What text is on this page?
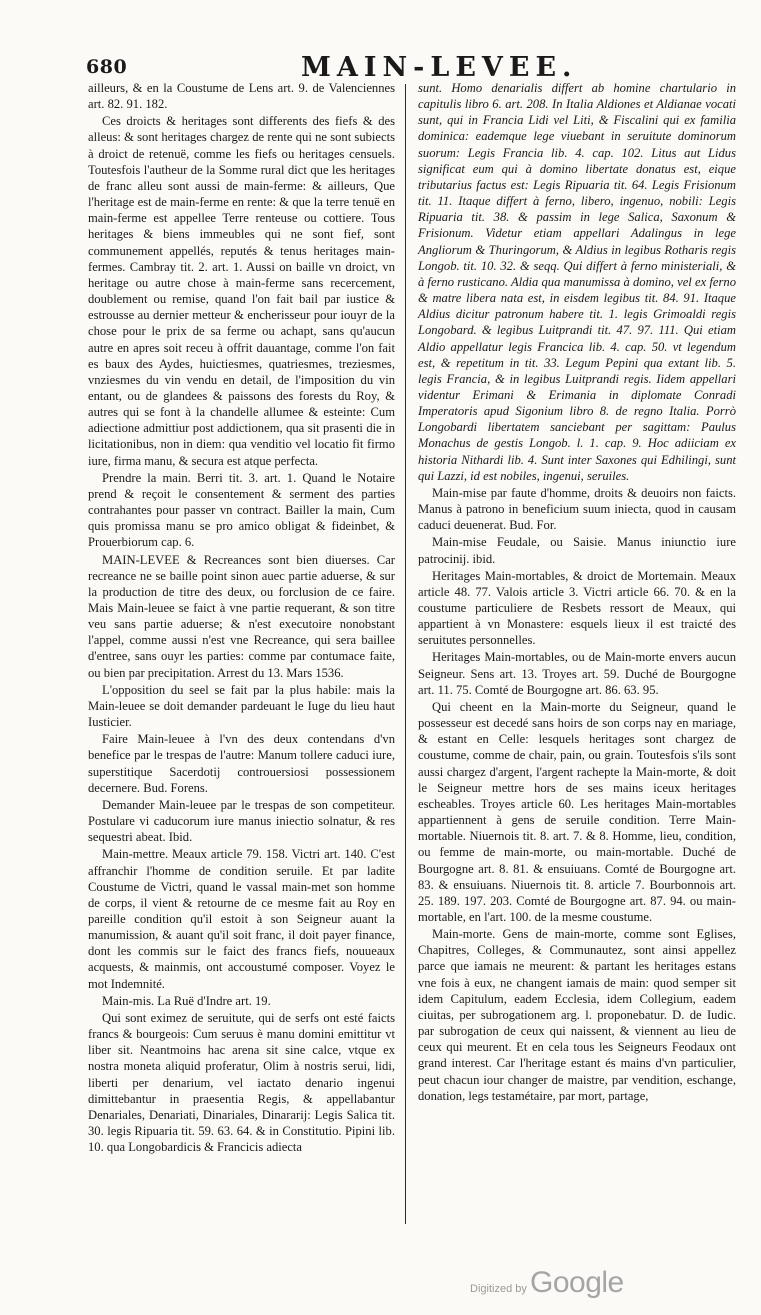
680	MAIN-LEVEE.

ailleurs, & en la Coustume de Lens art. 9. de Valenciennes art. 82. 91. 182.

Ces droicts & heritages sont differents des fiefs & des alleus: & sont heritages chargez de rente qui ne sont subiects à droict de retenuë, comme les fiefs ou heritages censuels. Toutesfois l'autheur de la Somme rural dict que les heritages de franc alleu sont aussi de main-ferme: & ailleurs, Que l'heritage est de main-ferme en rente: & que la terre tenuë en main-ferme est appellee Terre renteuse ou cottiere. Tous heritages & biens immeubles qui ne sont fief, sont communement appellés, reputés & tenus heritages main-fermes. Cambray tit. 2. art. 1. Aussi on baille vn droict, vn heritage ou autre chose à main-ferme sans recercement, doublement ou remise, quand l'on fait bail par iustice & estrousse au dernier metteur & encherisseur pour iouyr de la chose pour le prix de sa ferme ou achapt, sans qu'aucun autre en apres soit receu à offrit dauantage, comme l'on fait es baux des Aydes, huictiesmes, quatriesmes, treziesmes, vnziesmes du vin vendu en detail, de l'imposition du vin entant, ou de glandees & paissons des forests du Roy, & autres qui se font à la chandelle allumee & esteinte: Cum adiectione admittiur post addictionem, qua sit prasenti die in licitationibus, non in diem: qua venditio vel locatio fit firmo iure, firma manu, & secura est atque perfecta.

Prendre la main. Berri tit. 3. art. 1. Quand le Notaire prend & reçoit le consentement & serment des parties contrahantes pour passer vn contract. Bailler la main, Cum quis promissa manu se pro amico obligat & fideinbet, & Prouerbiorum cap. 6.

MAIN-LEVEE & Recreances sont bien diuerses. Car recreance ne se baille point sinon auec partie aduerse, & sur la production de titre des deux, ou forclusion de ce faire. Mais Main-leuee se faict à vne partie requerant, & son titre veu sans partie aduerse; & n'est executoire nonobstant l'appel, comme aussi n'est vne Recreance, qui sera baillee d'entree, sans ouyr les parties: comme par contumace faite, ou bien par precipitation. Arrest du 13. Mars 1536.

L'opposition du seel se fait par la plus habile: mais la Main-leuee se doit demander pardeuant le Iuge du lieu haut Iusticier.

Faire Main-leuee à l'vn des deux contendans d'vn benefice par le trespas de l'autre: Manum tollere caduci iure, superstitique Sacerdotij controuersiosi possessionem decernere. Bud. Forens.

Demander Main-leuee par le trespas de son competiteur. Postulare vi caducorum iure manus iniectio solnatur, & res sequestri abeat. Ibid.

Main-mettre. Meaux article 79. 158. Victri art. 140. C'est affranchir l'homme de condition seruile. Et par ladite Coustume de Victri, quand le vassal main-met son homme de corps, il vient & retourne de ce mesme fait au Roy en pareille condition qu'il estoit à son Seigneur auant la manumission, & auant qu'il soit franc, il doit payer finance, dont les commis sur le faict des francs fiefs, nouueaux acquests, & mainmis, ont accoustumé composer. Voyez le mot Indemnité.

Main-mis. La Ruë d'Indre art. 19.

Qui sont eximez de seruitute, qui de serfs ont esté faicts francs & bourgeois: Cum seruus è manu domini emittitur vt liber sit. Neantmoins hac arena sit sine calce, vtque ex nostra moneta aliquid proferatur, Olim à nostris serui, lidi, liberti per denarium, vel iactato denario ingenui dimittebantur in praesentia Regis, & appellabantur Denariales, Denariati, Dinariales, Dinararij: Legis Salica tit. 30. legis Ripuaria tit. 59. 63. 64. & in Constitutio. Pipini lib. 10. qua Longobardicis & Francicis adiecta

sunt. Homo denarialis differt ab homine chartulario in capitulis libro 6. art. 208. In Italia Aldiones et Aldianae vocati sunt, qui in Francia Lidi vel Liti, & Fiscalini qui ex familia dominica: eademque lege viuebant in seruitute dominorum suorum: Legis Francia lib. 4. cap. 102. Litus aut Lidus significat eum qui à domino libertate donatus est, eique tributarius factus est: Legis Ripuaria tit. 64. Legis Frisionum tit. 11. Itaque differt à ferno, libero, ingenuo, nobili: Legis Ripuaria tit. 38. & passim in lege Salica, Saxonum & Frisionum. Videtur etiam appellari Adalingus in lege Angliorum & Thuringorum, & Aldius in legibus Rotharis regis Longob. tit. 10. 32. & seqq. Qui differt à ferno ministeriali, & à ferno rusticano. Aldia qua manumissa à domino, vel ex ferno & matre libera nata est, in eisdem legibus tit. 84. 91. Itaque Aldius dicitur patronum habere tit. 1. legis Grimoaldi regis Longobard. & legibus Luitprandi tit. 47. 97. 111. Qui etiam Aldio appellatur legis Francica lib. 4. cap. 50. vt legendum est, & repetitum in tit. 33. Legum Pepini qua extant lib. 5. legis Francia, & in legibus Luitprandi regis. Iidem appellari videntur Erimani & Erimania in diplomate Conradi Imperatoris apud Sigonium libro 8. de regno Italia. Porrò Longobardi libertatem sanciebant per sagittam: Paulus Monachus de gestis Longob. l. 1. cap. 9. Hoc adiiciam ex historia Nithardi lib. 4. Sunt inter Saxones qui Edhilingi, sunt qui Lazzi, id est nobiles, ingenui, seruiles.

Main-mise par faute d'homme, droits & deuoirs non faicts. Manus à patrono in beneficium suum iniecta, quod in causam caduci deuenerat. Bud. For.

Main-mise Feudale, ou Saisie. Manus iniunctio iure patrocinij. ibid.

Heritages Main-mortables, & droict de Mortemain. Meaux article 48. 77. Valois article 3. Victri article 66. 70. & en la coustume particuliere de Resbets ressort de Meaux, qui appartient à vn Monastere: esquels lieux il est traicté des seruitutes personnelles.

Heritages Main-mortables, ou de Main-morte envers aucun Seigneur. Sens art. 13. Troyes art. 59. Duché de Bourgogne art. 11. 75. Comté de Bourgogne art. 86. 63. 95.

Qui cheent en la Main-morte du Seigneur, quand le possesseur est decedé sans hoirs de son corps nay en mariage, & estant en Celle: lesquels heritages sont chargez de coustume, comme de chair, pain, ou grain. Toutesfois s'ils sont aussi chargez d'argent, l'argent rachepte la Main-morte, & doit le Seigneur mettre hors de ses mains iceux heritages escheables. Troyes article 60. Les heritages Main-mortables appartiennent à gens de seruile condition. Terre Main-mortable. Niuernois tit. 8. art. 7. & 8. Homme, lieu, condition, ou femme de main-morte, ou main-mortable. Duché de Bourgogne art. 8. 81. & ensuiuans. Comté de Bourgogne art. 83. & ensuiuans. Niuernois tit. 8. article 7. Bourbonnois art. 25. 189. 197. 203. Comté de Bourgogne art. 87. 94. ou main-mortable, en l'art. 100. de la mesme coustume.

Main-morte. Gens de main-morte, comme sont Eglises, Chapitres, Colleges, & Communautez, sont ainsi appellez parce que iamais ne meurent: & partant les heritages estans vne fois à eux, ne changent iamais de main: quod semper sit idem Capitulum, eadem Ecclesia, idem Collegium, eadem ciuitas, per subrogationem arg. l. proponebatur. D. de Iudic. par subrogation de ceux qui naissent, & viennent au lieu de ceux qui meurent. Et en cela tous les Seigneurs Feodaux ont grand interest. Car l'heritage estant és mains d'vn particulier, peut chacun iour changer de maistre, par vendition, eschange, donation, legs testamétaire, par mort, partage,

Digitized by Google
